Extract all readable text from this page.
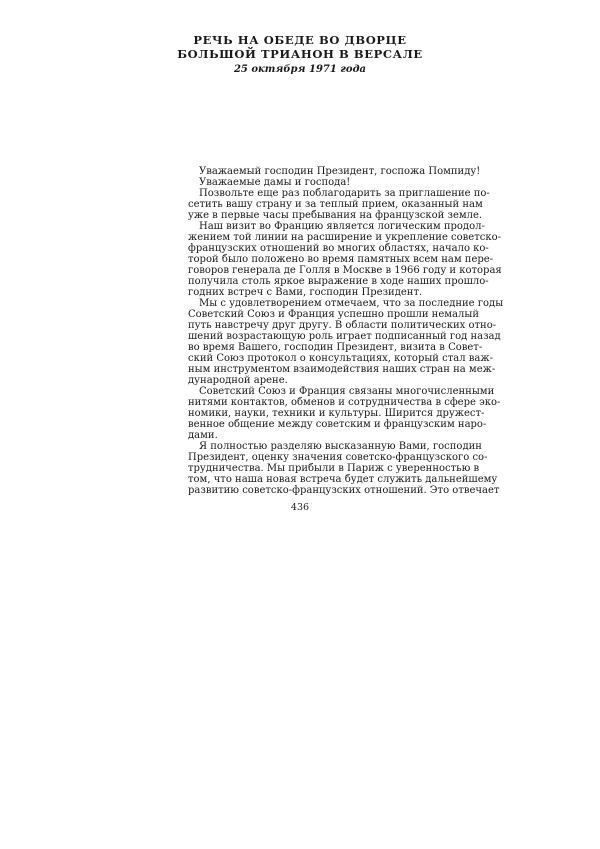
РЕЧЬ НА ОБЕДЕ ВО ДВОРЦЕ
БОЛЬШОЙ ТРИАНОН В ВЕРСАЛЕ
25 октября 1971 года
Уважаемый господин Президент, госпожа Помпиду!
Уважаемые дамы и господа!
Позвольте еще раз поблагодарить за приглашение по-
сетить вашу страну и за теплый прием, оказанный нам
уже в первые часы пребывания на французской земле.
Наш визит во Францию является логическим продол-
жением той линии на расширение и укрепление советско-
французских отношений во многих областях, начало ко-
торой было положено во время памятных всем нам пере-
говоров генерала де Голля в Москве в 1966 году и которая
получила столь яркое выражение в ходе наших прошло-
годних встреч с Вами, господин Президент.
Мы с удовлетворением отмечаем, что за последние годы
Советский Союз и Франция успешно прошли немалый
путь навстречу друг другу. В области политических отно-
шений возрастающую роль играет подписанный год назад
во время Вашего, господин Президент, визита в Совет-
ский Союз протокол о консультациях, который стал важ-
ным инструментом взаимодействия наших стран на меж-
дународной арене.
Советский Союз и Франция связаны многочисленными
нитями контактов, обменов и сотрудничества в сфере эко-
номики, науки, техники и культуры. Ширится дружест-
венное общение между советским и французским наро-
дами.
Я полностью разделяю высказанную Вами, господин
Президент, оценку значения советско-французского со-
трудничества. Мы прибыли в Париж с уверенностью в
том, что наша новая встреча будет служить дальнейшему
развитию советско-французских отношений. Это отвечает
436
